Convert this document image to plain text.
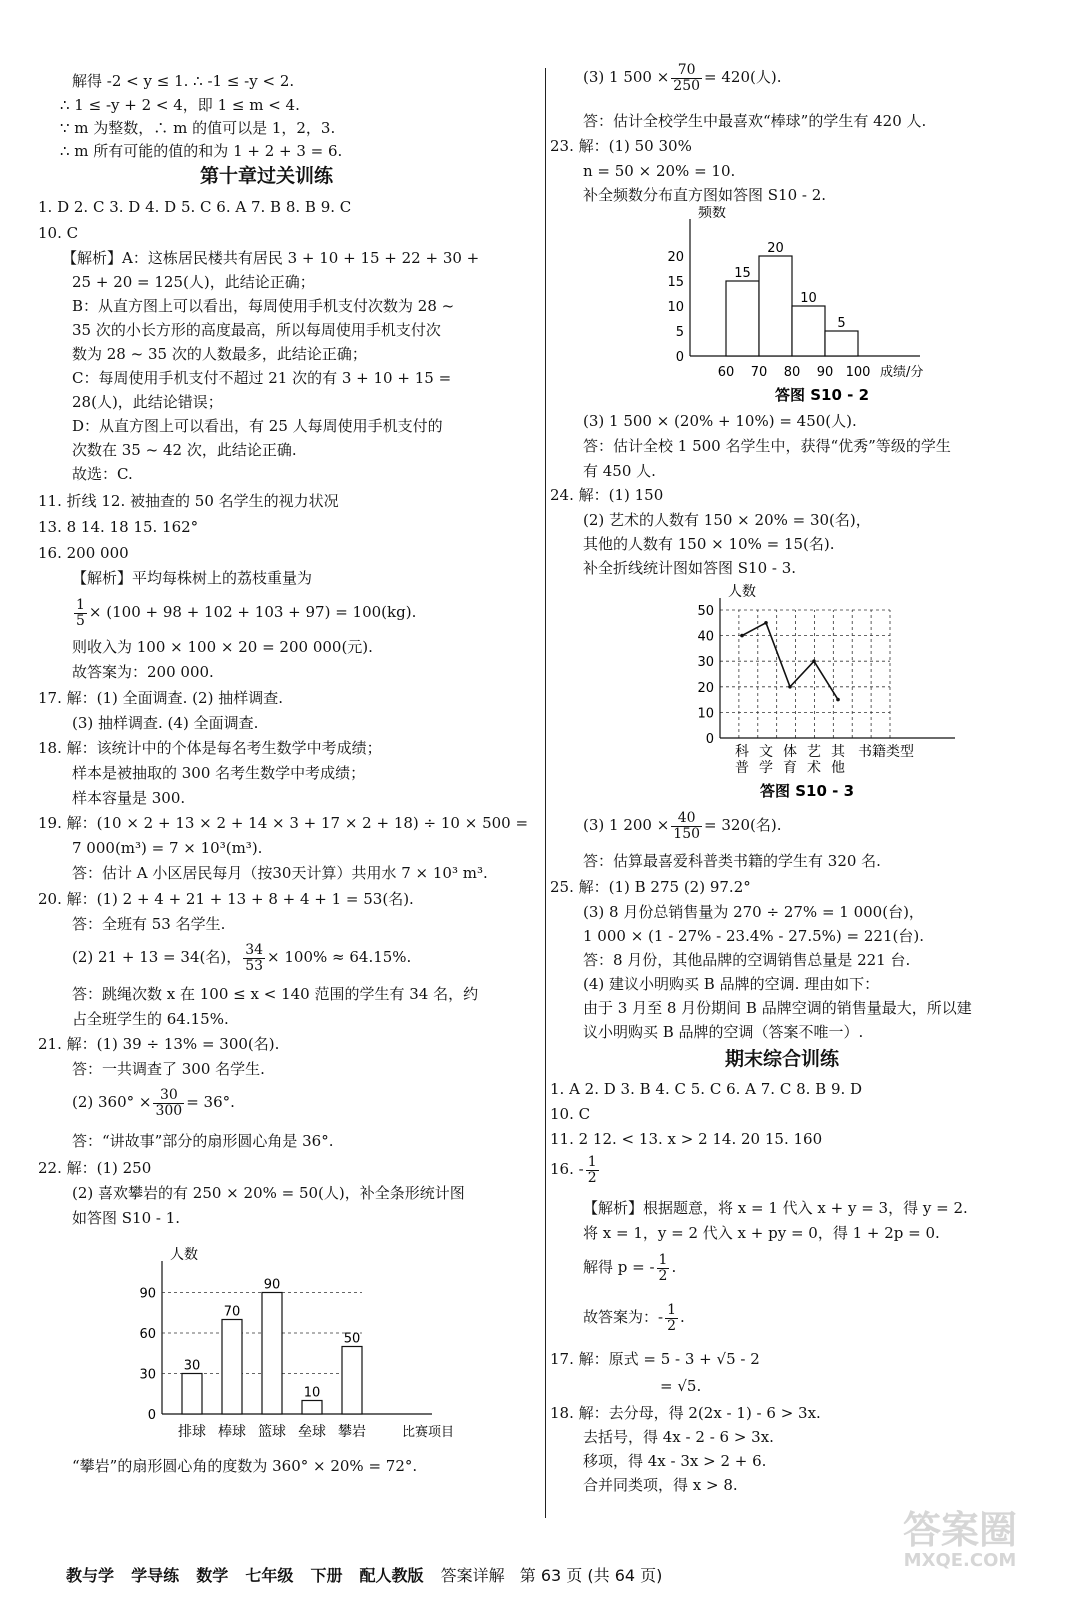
解得 -2 < y ≤ 1. ∴ -1 ≤ -y < 2.
∴ 1 ≤ -y + 2 < 4，即 1 ≤ m < 4.
∵ m 为整数，∴ m 的值可以是 1，2，3.
∴ m 所有可能的值的和为 1 + 2 + 3 = 6.
第十章过关训练
1. D 2. C 3. D 4. D 5. C 6. A 7. B 8. B 9. C
10. C
【解析】A：这栋居民楼共有居民 3 + 10 + 15 + 22 + 30 +
25 + 20 = 125(人)，此结论正确；
B：从直方图上可以看出，每周使用手机支付次数为 28 ~
35 次的小长方形的高度最高，所以每周使用手机支付次
数为 28 ~ 35 次的人数最多，此结论正确；
C：每周使用手机支付不超过 21 次的有 3 + 10 + 15 =
28(人)，此结论错误；
D：从直方图上可以看出，有 25 人每周使用手机支付的
次数在 35 ~ 42 次，此结论正确.
故选：C.
11. 折线 12. 被抽查的 50 名学生的视力状况
13. 8 14. 18 15. 162°
16. 200 000
【解析】平均每株树上的荔枝重量为
$\frac{1}{5} \times (100 + 98 + 102 + 103 + 97) = 100(kg)$.
则收入为 100 × 100 × 20 = 200 000(元).
故答案为：200 000.
17. 解：(1) 全面调查. (2) 抽样调查.
(3) 抽样调查. (4) 全面调查.
18. 解：该统计中的个体是每名考生数学中考成绩；
样本是被抽取的 300 名考生数学中考成绩；
样本容量是 300.
19. 解：(10 × 2 + 13 × 2 + 14 × 3 + 17 × 2 + 18) ÷ 10 × 500 =
7 000(m³) = 7 × 10³(m³).
答：估计 A 小区居民每月（按30天计算）共用水 7 × 10³ m³.
20. 解：(1) 2 + 4 + 21 + 13 + 8 + 4 + 1 = 53(名).
答：全班有 53 名学生.
(2) 21 + 13 = 34(名)， $\frac{34}{53} \times 100\% \approx 64.15\%$.
答：跳绳次数 x 在 100 ≤ x < 140 范围的学生有 34 名，约
占全班学生的 64.15%.
21. 解：(1) 39 ÷ 13% = 300(名).
答：一共调查了 300 名学生.
(2) $360^\circ \times \frac{30}{300} = 36^\circ$.
答：“讲故事”部分的扇形圆心角是 36°.
22. 解：(1) 250
(2) 喜欢攀岩的有 250 × 20% = 50(人)，补全条形统计图
如答图 S10 - 1.
“攀岩”的扇形圆心角的度数为 360° × 20% = 72°.
人数
比赛项目
0
30
60
90
30
排球
70
棒球
90
篮球
10
垒球
50
攀岩
(3) 1 $500 \times \frac{70}{250} = 420$(人).
答：估计全校学生中最喜欢“棒球”的学生有 420 人.
23. 解：(1) 50 30%
n = 50 × 20% = 10.
补全频数分布直方图如答图 S10 - 2.
(3) 1 500 × (20% + 10%) = 450(人).
答：估计全校 1 500 名学生中，获得“优秀”等级的学生
有 450 人.
24. 解：(1) 150
(2) 艺术的人数有 150 × 20% = 30(名)，
其他的人数有 150 × 10% = 15(名).
补全折线统计图如答图 S10 - 3.
(3) 1 $200 \times \frac{40}{150} = 320$(名).
答：估算最喜爱科普类书籍的学生有 320 名.
25. 解：(1) B 275 (2) 97.2°
(3) 8 月份总销售量为 270 ÷ 27% = 1 000(台)，
1 000 × (1 - 27% - 23.4% - 27.5%) = 221(台).
答：8 月份，其他品牌的空调销售总量是 221 台.
(4) 建议小明购买 B 品牌的空调. 理由如下：
由于 3 月至 8 月份期间 B 品牌空调的销售量最大，所以建
议小明购买 B 品牌的空调（答案不唯一）.
期末综合训练
1. A 2. D 3. B 4. C 5. C 6. A 7. C 8. B 9. D
10. C
11. 2 12. < 13. x > 2 14. 20 15. 160
16. - $\frac{1}{2}$
【解析】根据题意，将 x = 1 代入 x + y = 3，得 y = 2.
将 x = 1，y = 2 代入 x + py = 0，得 1 + 2p = 0.
解得 p = - $\frac{1}{2}$ .
故答案为：- $\frac{1}{2}$ .
17. 解：原式 = 5 - 3 + √5 - 2
= √5.
18. 解：去分母，得 2(2x - 1) - 6 > 3x.
去括号，得 4x - 2 - 6 > 3x.
移项，得 4x - 3x > 2 + 6.
合并同类项，得 x > 8.
频数
成绩/分
0
5
10
15
20
60 70 80 90 100
15
20
10
5
答图 S10 - 2
0
10
20
30
40
50
人数
科
普
文
学
体
育
艺
术
其
他
书籍类型
答图 S10 - 3
教与学 学导练 数学 七年级 下册 配人教版 答案详解 第 63 页 (共 64 页)
答案圈
MXQE.COM
